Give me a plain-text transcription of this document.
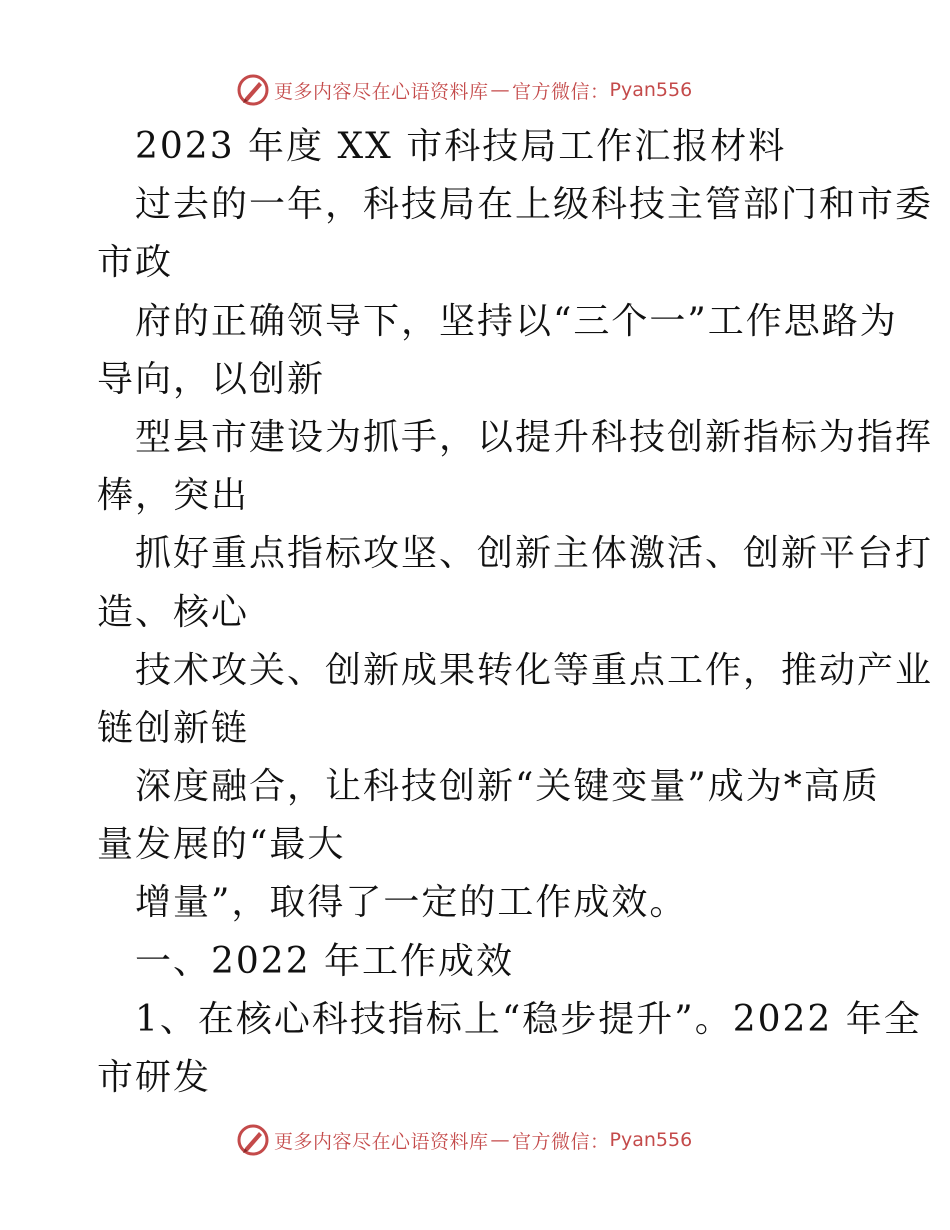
更多内容尽在心语资料库 — 官方微信： Pyan556
2023 年度 XX 市科技局工作汇报材料
过去的一年，科技局在上级科技主管部门和市委
市政
府的正确领导下，坚持以“三个一”工作思路为
导向，以创新
型县市建设为抓手，以提升科技创新指标为指挥
棒，突出
抓好重点指标攻坚、创新主体激活、创新平台打
造、核心
技术攻关、创新成果转化等重点工作，推动产业
链创新链
深度融合，让科技创新“关键变量”成为*高质
量发展的“最大
增量”，取得了一定的工作成效。
一、2022 年工作成效
1、在核心科技指标上“稳步提升”。2022 年全
市研发
更多内容尽在心语资料库 — 官方微信： Pyan556
